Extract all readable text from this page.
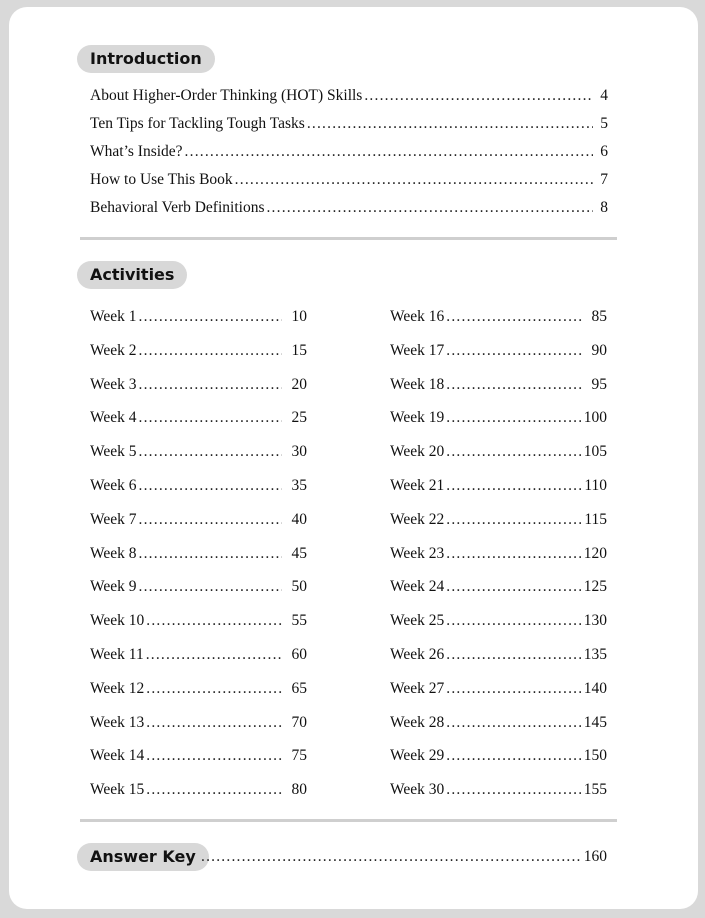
Introduction
About Higher-Order Thinking (HOT) Skills .....	4
Ten Tips for Tackling Tough Tasks .....	5
What’s Inside? .....	6
How to Use This Book .....	7
Behavioral Verb Definitions .....	8
Activities
Week 1 .....	10
Week 2 .....	15
Week 3 .....	20
Week 4 .....	25
Week 5 .....	30
Week 6 .....	35
Week 7 .....	40
Week 8 .....	45
Week 9 .....	50
Week 10 .....	55
Week 11 .....	60
Week 12 .....	65
Week 13 .....	70
Week 14 .....	75
Week 15 .....	80
Week 16 .....	85
Week 17 .....	90
Week 18 .....	95
Week 19 .....	100
Week 20 .....	105
Week 21 .....	110
Week 22 .....	115
Week 23 .....	120
Week 24 .....	125
Week 25 .....	130
Week 26 .....	135
Week 27 .....	140
Week 28 .....	145
Week 29 .....	150
Week 30 .....	155
Answer Key .....	160
